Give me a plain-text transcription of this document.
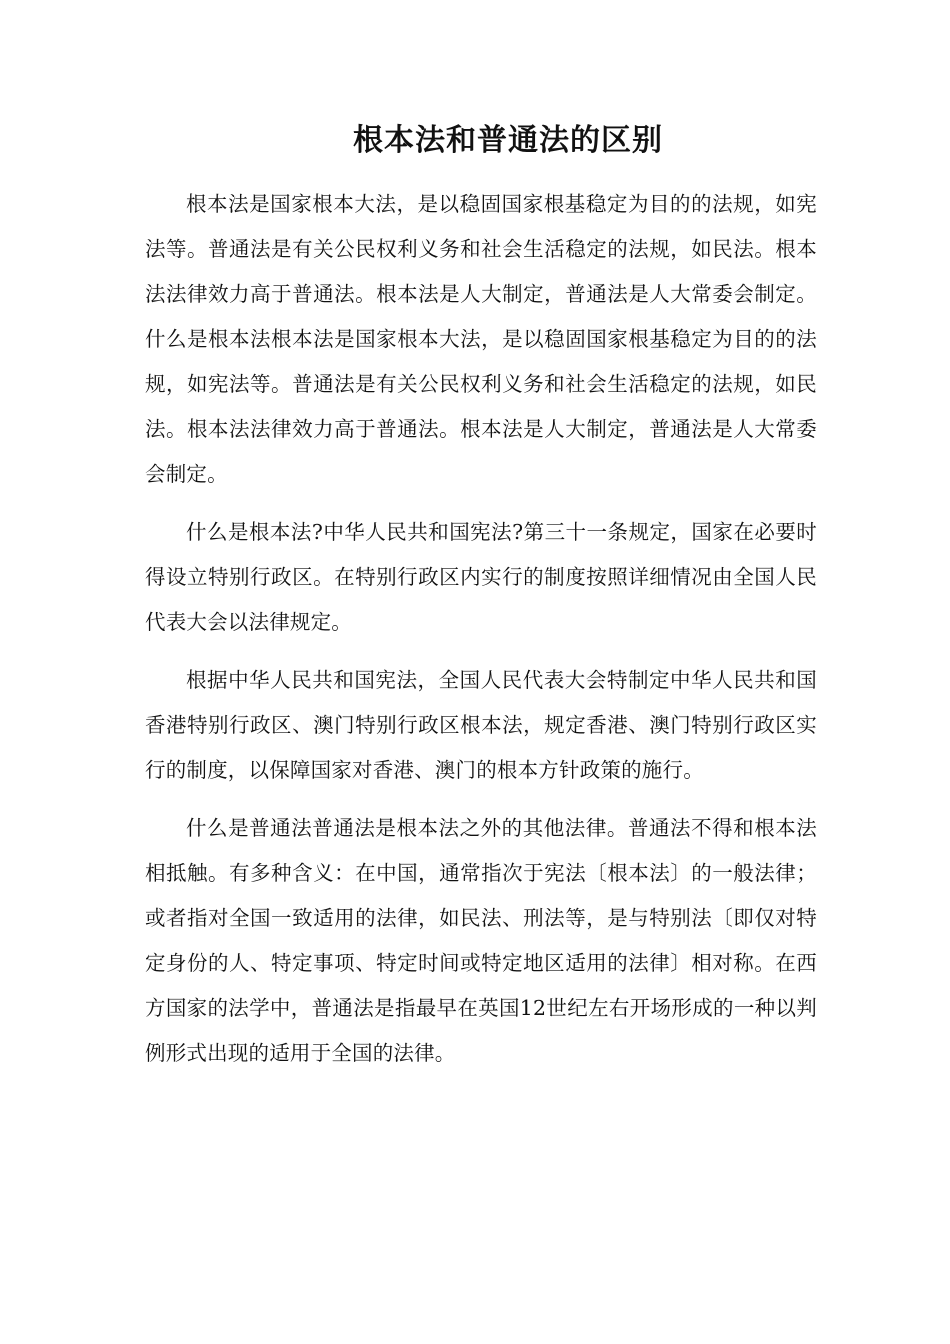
根本法和普通法的区别

根本法是国家根本大法，是以稳固国家根基稳定为目的的法规，如宪法等。普通法是有关公民权利义务和社会生活稳定的法规，如民法。根本法法律效力高于普通法。根本法是人大制定，普通法是人大常委会制定。什么是根本法根本法是国家根本大法，是以稳固国家根基稳定为目的的法规，如宪法等。普通法是有关公民权利义务和社会生活稳定的法规，如民法。根本法法律效力高于普通法。根本法是人大制定，普通法是人大常委会制定。

什么是根本法?中华人民共和国宪法?第三十一条规定，国家在必要时得设立特别行政区。在特别行政区内实行的制度按照详细情况由全国人民代表大会以法律规定。

根据中华人民共和国宪法，全国人民代表大会特制定中华人民共和国香港特别行政区、澳门特别行政区根本法，规定香港、澳门特别行政区实行的制度，以保障国家对香港、澳门的根本方针政策的施行。

什么是普通法普通法是根本法之外的其他法律。普通法不得和根本法相抵触。有多种含义：在中国，通常指次于宪法〔根本法〕的一般法律；或者指对全国一致适用的法律，如民法、刑法等，是与特别法〔即仅对特定身份的人、特定事项、特定时间或特定地区适用的法律〕相对称。在西方国家的法学中，普通法是指最早在英国12世纪左右开场形成的一种以判例形式出现的适用于全国的法律。
